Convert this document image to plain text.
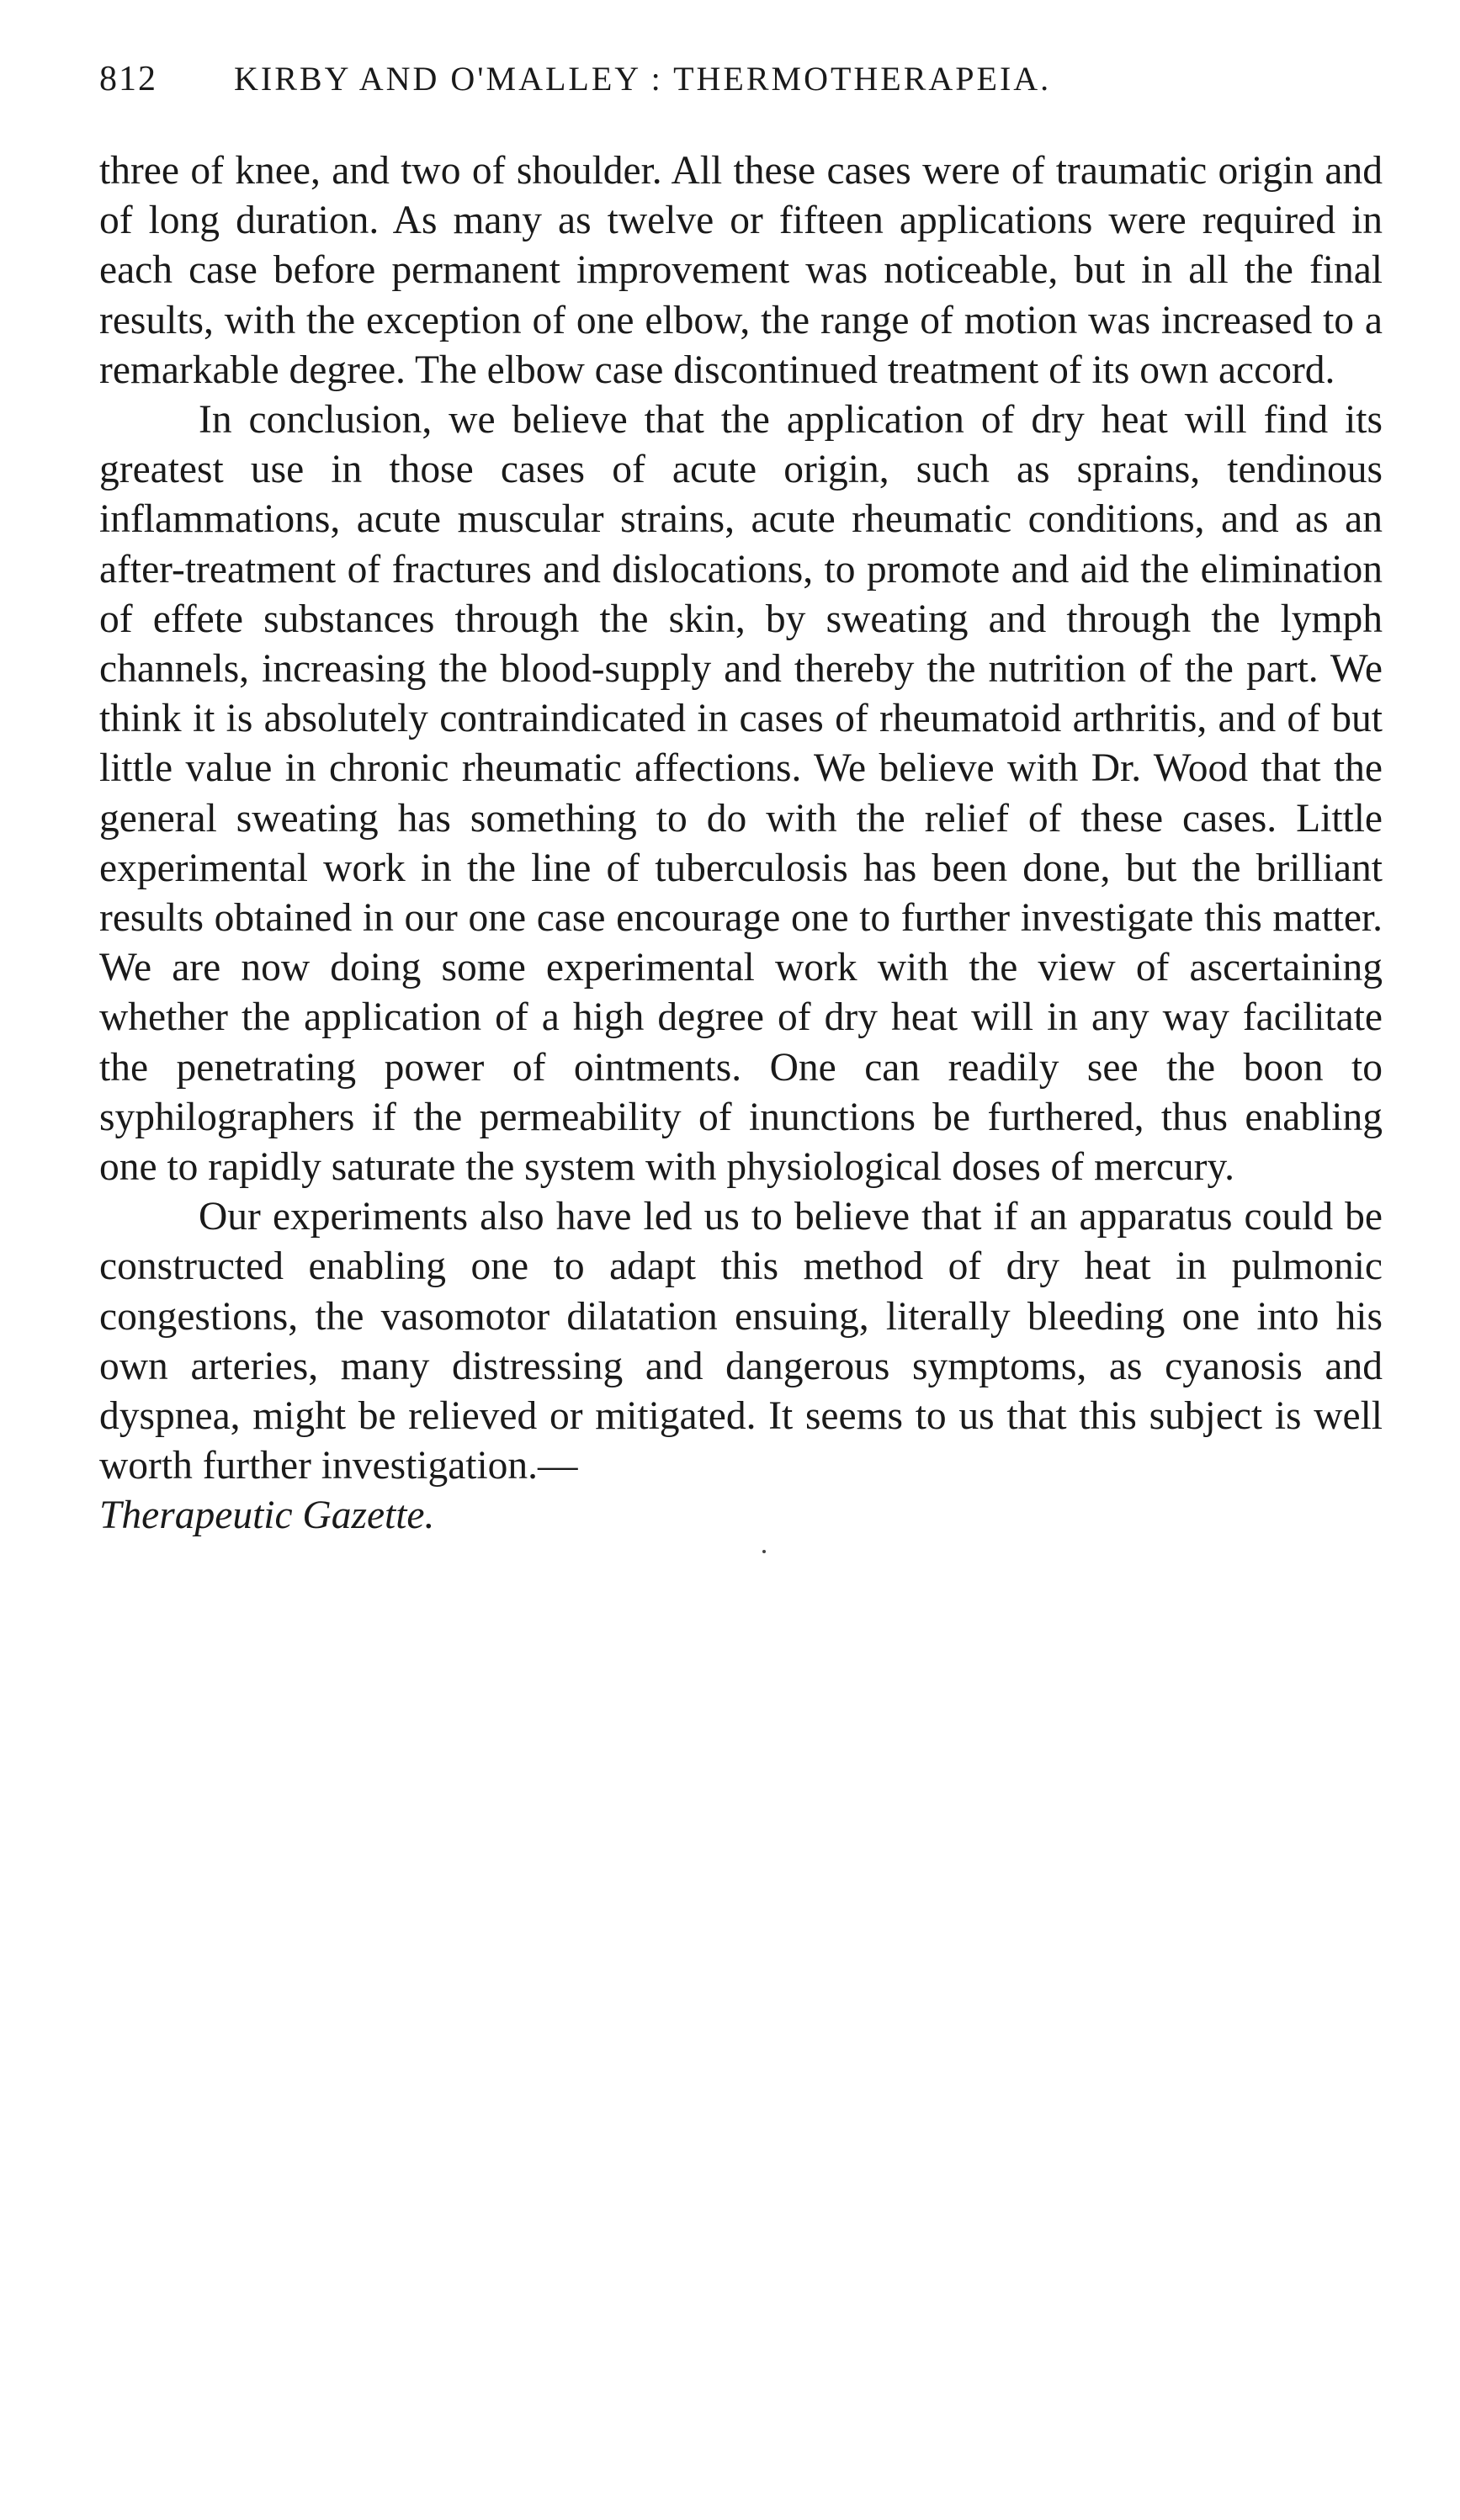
812	KIRBY AND O'MALLEY : THERMOTHERAPEIA.

three of knee, and two of shoulder. All these cases were of traumatic origin and of long duration. As many as twelve or fifteen applications were required in each case before permanent improvement was noticeable, but in all the final results, with the exception of one elbow, the range of motion was increased to a remarkable degree. The elbow case discontinued treatment of its own accord.

In conclusion, we believe that the application of dry heat will find its greatest use in those cases of acute origin, such as sprains, tendinous inflammations, acute muscular strains, acute rheumatic conditions, and as an after-treatment of fractures and dislocations, to promote and aid the elimination of effete substances through the skin, by sweating and through the lymph channels, increasing the blood-supply and thereby the nutrition of the part. We think it is absolutely contraindicated in cases of rheumatoid arthritis, and of but little value in chronic rheumatic affections. We believe with Dr. Wood that the general sweating has something to do with the relief of these cases. Little experimental work in the line of tuberculosis has been done, but the brilliant results obtained in our one case encourage one to further investigate this matter. We are now doing some experimental work with the view of ascertaining whether the application of a high degree of dry heat will in any way facilitate the penetrating power of ointments. One can readily see the boon to syphilographers if the permeability of inunctions be furthered, thus enabling one to rapidly saturate the system with physiological doses of mercury.

Our experiments also have led us to believe that if an apparatus could be constructed enabling one to adapt this method of dry heat in pulmonic congestions, the vasomotor dilatation ensuing, literally bleeding one into his own arteries, many distressing and dangerous symptoms, as cyanosis and dyspnea, might be relieved or mitigated. It seems to us that this subject is well worth further investigation.—
Therapeutic Gazette.
